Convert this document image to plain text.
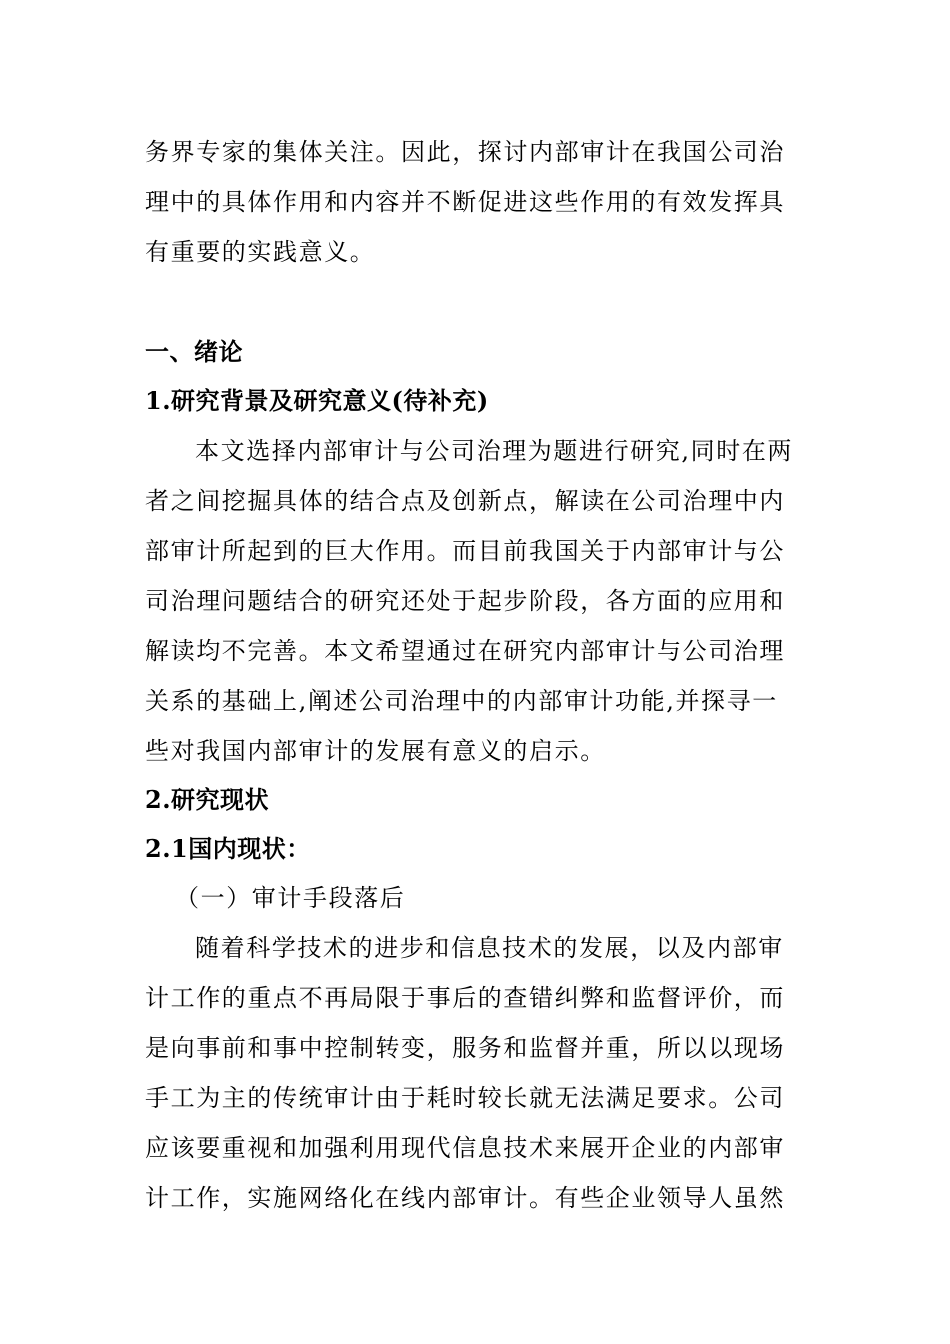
务界专家的集体关注。因此，探讨内部审计在我国公司治
理中的具体作用和内容并不断促进这些作用的有效发挥具
有重要的实践意义。
一、绪论
1.研究背景及研究意义(待补充)
本文选择内部审计与公司治理为题进行研究,同时在两
者之间挖掘具体的结合点及创新点，解读在公司治理中内
部审计所起到的巨大作用。而目前我国关于内部审计与公
司治理问题结合的研究还处于起步阶段，各方面的应用和
解读均不完善。本文希望通过在研究内部审计与公司治理
关系的基础上,阐述公司治理中的内部审计功能,并探寻一
些对我国内部审计的发展有意义的启示。
2.研究现状
2.1国内现状：
（一）审计手段落后
随着科学技术的进步和信息技术的发展，以及内部审
计工作的重点不再局限于事后的查错纠弊和监督评价，而
是向事前和事中控制转变，服务和监督并重，所以以现场
手工为主的传统审计由于耗时较长就无法满足要求。公司
应该要重视和加强利用现代信息技术来展开企业的内部审
计工作，实施网络化在线内部审计。有些企业领导人虽然
